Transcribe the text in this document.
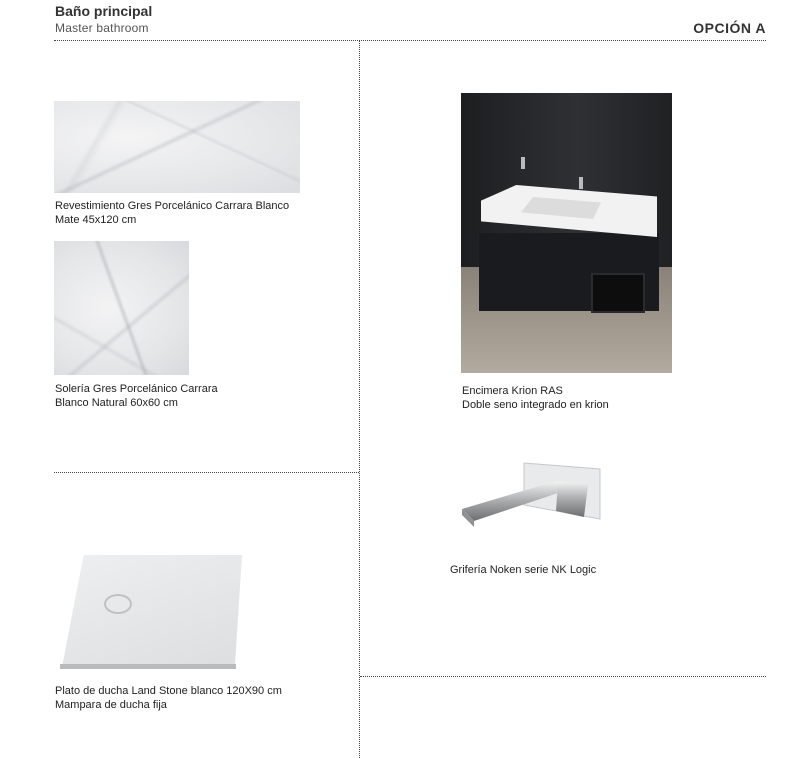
Baño principal
Master bathroom	OPCIÓN A
Revestimiento Gres Porcelánico Carrara Blanco
Mate 45x120 cm
Solería Gres Porcelánico Carrara
Blanco Natural 60x60 cm
Encimera Krion RAS
Doble seno integrado en krion
Grifería Noken serie NK Logic
Plato de ducha Land Stone blanco 120X90 cm
Mampara de ducha fija
